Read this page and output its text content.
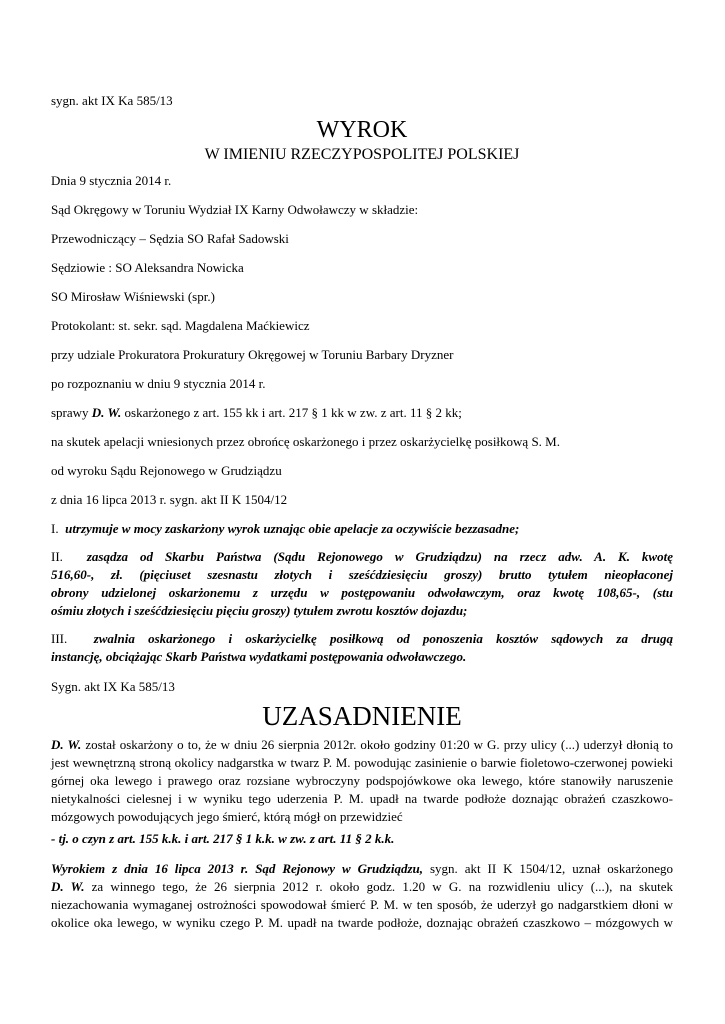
sygn. akt IX Ka 585/13
WYROK
W IMIENIU RZECZYPOSPOLITEJ POLSKIEJ
Dnia 9 stycznia 2014 r.
Sąd Okręgowy w Toruniu Wydział IX Karny Odwoławczy w składzie:
Przewodniczący – Sędzia SO Rafał Sadowski
Sędziowie : SO Aleksandra Nowicka
SO Mirosław Wiśniewski (spr.)
Protokolant: st. sekr. sąd. Magdalena Maćkiewicz
przy udziale Prokuratora Prokuratury Okręgowej w Toruniu Barbary Dryzner
po rozpoznaniu w dniu 9 stycznia 2014 r.
sprawy D. W. oskarżonego z art. 155 kk i art. 217 § 1 kk w zw. z art. 11 § 2 kk;
na skutek apelacji wniesionych przez obrońcę oskarżonego i przez oskarżycielkę posiłkową S. M.
od wyroku Sądu Rejonowego w Grudziądzu
z dnia 16 lipca 2013 r. sygn. akt II K 1504/12
I. utrzymuje w mocy zaskarżony wyrok uznając obie apelacje za oczywiście bezzasadne;
II. zasądza od Skarbu Państwa (Sądu Rejonowego w Grudziądzu) na rzecz adw. A. K. kwotę
516,60-, zł. (pięciuset szesnastu złotych i sześćdziesięciu groszy) brutto tytułem nieopłaconej
obrony udzielonej oskarżonemu z urzędu w postępowaniu odwoławczym, oraz kwotę 108,65-, (stu
ośmiu złotych i sześćdziesięciu pięciu groszy) tytułem zwrotu kosztów dojazdu;
III. zwalnia oskarżonego i oskarżycielkę posiłkową od ponoszenia kosztów sądowych za drugą
instancję, obciążając Skarb Państwa wydatkami postępowania odwoławczego.
Sygn. akt IX Ka 585/13
UZASADNIENIE
D. W. został oskarżony o to, że w dniu 26 sierpnia 2012r. około godziny 01:20 w G. przy ulicy (...) uderzył dłonią to
jest wewnętrzną stroną okolicy nadgarstka w twarz P. M. powodując zasinienie o barwie fioletowo-czerwonej powieki
górnej oka lewego i prawego oraz rozsiane wybroczyny podspojówkowe oka lewego, które stanowiły naruszenie
nietykalności cielesnej i w wyniku tego uderzenia P. M. upadł na twarde podłoże doznając obrażeń czaszkowo-
mózgowych powodujących jego śmierć, którą mógł on przewidzieć
- tj. o czyn z art. 155 k.k. i art. 217 § 1 k.k. w zw. z art. 11 § 2 k.k.
Wyrokiem z dnia 16 lipca 2013 r. Sąd Rejonowy w Grudziądzu, sygn. akt II K 1504/12, uznał oskarżonego
D. W. za winnego tego, że 26 sierpnia 2012 r. około godz. 1.20 w G. na rozwidleniu ulicy (...), na skutek
niezachowania wymaganej ostrożności spowodował śmierć P. M. w ten sposób, że uderzył go nadgarstkiem dłoni w
okolice oka lewego, w wyniku czego P. M. upadł na twarde podłoże, doznając obrażeń czaszkowo – mózgowych w
